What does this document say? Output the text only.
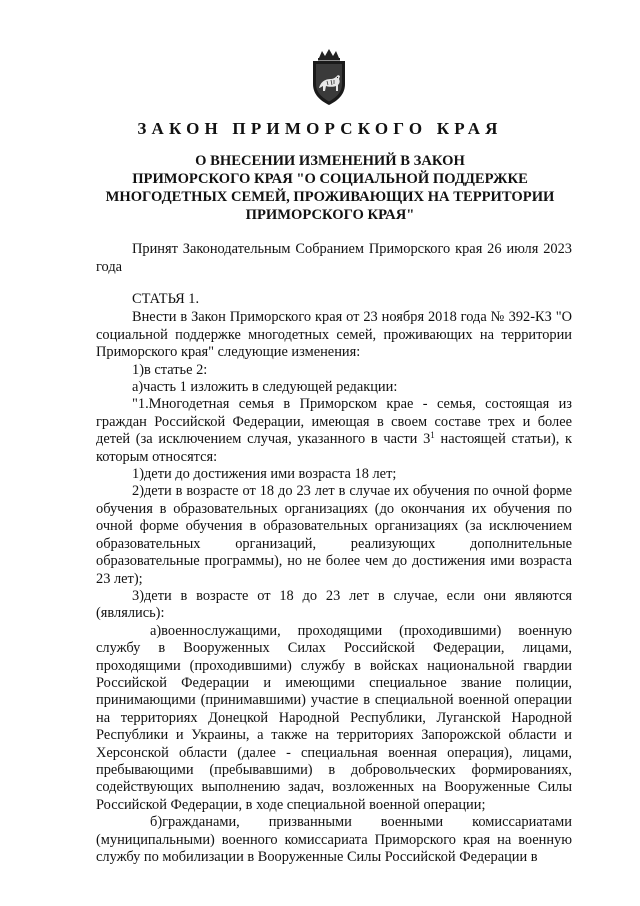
ЗАКОН ПРИМОРСКОГО КРАЯ
О ВНЕСЕНИИ ИЗМЕНЕНИЙ В ЗАКОН
ПРИМОРСКОГО КРАЯ "О СОЦИАЛЬНОЙ ПОДДЕРЖКЕ
МНОГОДЕТНЫХ СЕМЕЙ, ПРОЖИВАЮЩИХ НА ТЕРРИТОРИИ
ПРИМОРСКОГО КРАЯ"
Принят Законодательным Собранием Приморского края 26 июля 2023 года

СТАТЬЯ 1.

Внести в Закон Приморского края от 23 ноября 2018 года № 392-КЗ "О социальной поддержке многодетных семей, проживающих на территории Приморского края" следующие изменения:

1)в статье 2:

а)часть 1 изложить в следующей редакции:

"1.Многодетная семья в Приморском крае - семья, состоящая из граждан Российской Федерации, имеющая в своем составе трех и более детей (за исключением случая, указанного в части $3^1$ настоящей статьи), к которым относятся:

1)дети до достижения ими возраста 18 лет;

2)дети в возрасте от 18 до 23 лет в случае их обучения по очной форме обучения в образовательных организациях (до окончания их обучения по очной форме обучения в образовательных организациях (за исключением образовательных организаций, реализующих дополнительные образовательные программы), но не более чем до достижения ими возраста 23 лет);

3)дети в возрасте от 18 до 23 лет в случае, если они являются (являлись):

а)военнослужащими, проходящими (проходившими) военную службу в Вооруженных Силах Российской Федерации, лицами, проходящими (проходившими) службу в войсках национальной гвардии Российской Федерации и имеющими специальное звание полиции, принимающими (принимавшими) участие в специальной военной операции на территориях Донецкой Народной Республики, Луганской Народной Республики и Украины, а также на территориях Запорожской области и Херсонской области (далее - специальная военная операция), лицами, пребывающими (пребывавшими) в добровольческих формированиях, содействующих выполнению задач, возложенных на Вооруженные Силы Российской Федерации, в ходе специальной военной операции;

б)гражданами, призванными военными комиссариатами (муниципальными) военного комиссариата Приморского края на военную службу по мобилизации в Вооруженные Силы Российской Федерации в
